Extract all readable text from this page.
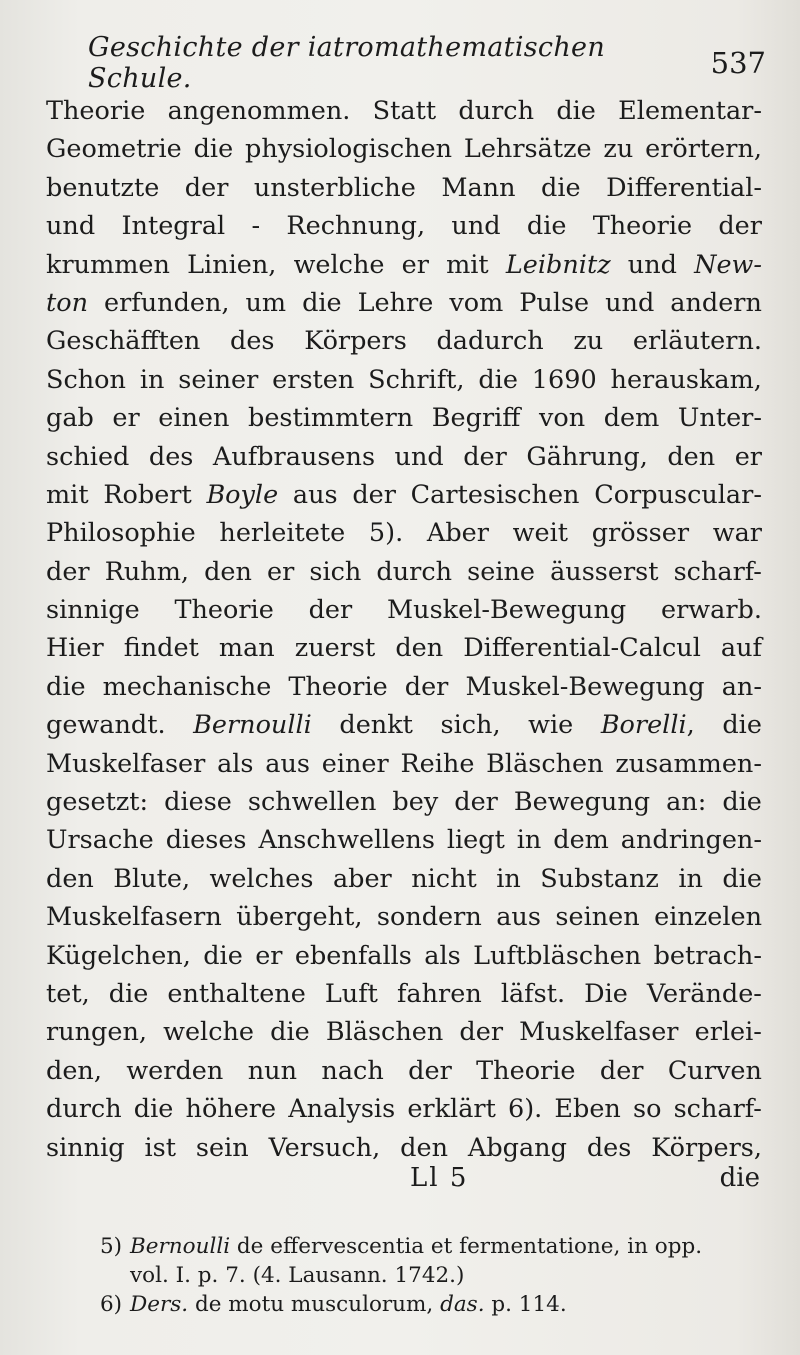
Geschichte der iatromathematischen Schule.	537
Theorie angenommen. Statt durch die Elementar-
Geometrie die physiologischen Lehrsätze zu erörtern,
benutzte der unsterbliche Mann die Differential-
und Integral - Rechnung, und die Theorie der
krummen Linien, welche er mit Leibnitz und New-
ton erfunden, um die Lehre vom Pulse und andern
Geschäfften des Körpers dadurch zu erläutern.
Schon in seiner ersten Schrift, die 1690 herauskam,
gab er einen bestimmtern Begriff von dem Unter-
schied des Aufbrausens und der Gährung, den er
mit Robert Boyle aus der Cartesischen Corpuscular-
Philosophie herleitete 5). Aber weit grösser war
der Ruhm, den er sich durch seine äusserst scharf-
sinnige Theorie der Muskel-Bewegung erwarb.
Hier findet man zuerst den Differential-Calcul auf
die mechanische Theorie der Muskel-Bewegung an-
gewandt. Bernoulli denkt sich, wie Borelli, die
Muskelfaser als aus einer Reihe Bläschen zusammen-
gesetzt: diese schwellen bey der Bewegung an: die
Ursache dieses Anschwellens liegt in dem andringen-
den Blute, welches aber nicht in Substanz in die
Muskelfasern übergeht, sondern aus seinen einzelen
Kügelchen, die er ebenfalls als Luftbläschen betrach-
tet, die enthaltene Luft fahren läfst. Die Verände-
rungen, welche die Bläschen der Muskelfaser erlei-
den, werden nun nach der Theorie der Curven
durch die höhere Analysis erklärt 6). Eben so scharf-
sinnig ist sein Versuch, den Abgang des Körpers,
Ll 5	die
5) Bernoulli de effervescentia et fermentatione, in opp.
vol. I. p. 7. (4. Lausann. 1742.)
6) Ders. de motu musculorum, das. p. 114.
